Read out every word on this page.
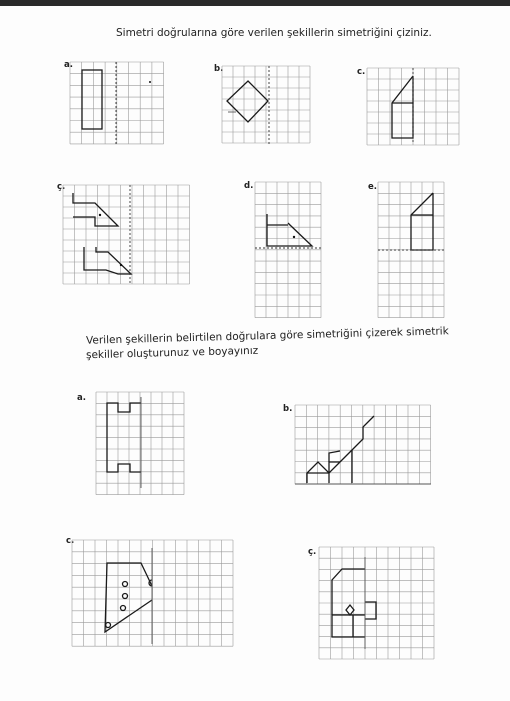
Simetri doğrularına göre verilen şekillerin simetriğini çiziniz.
a.	b.	c.
ç.	d.	e.
Verilen şekillerin belirtilen doğrulara göre simetriğini çizerek simetrik
şekiller oluşturunuz ve boyayınız
a.
b.
c.
ç.
